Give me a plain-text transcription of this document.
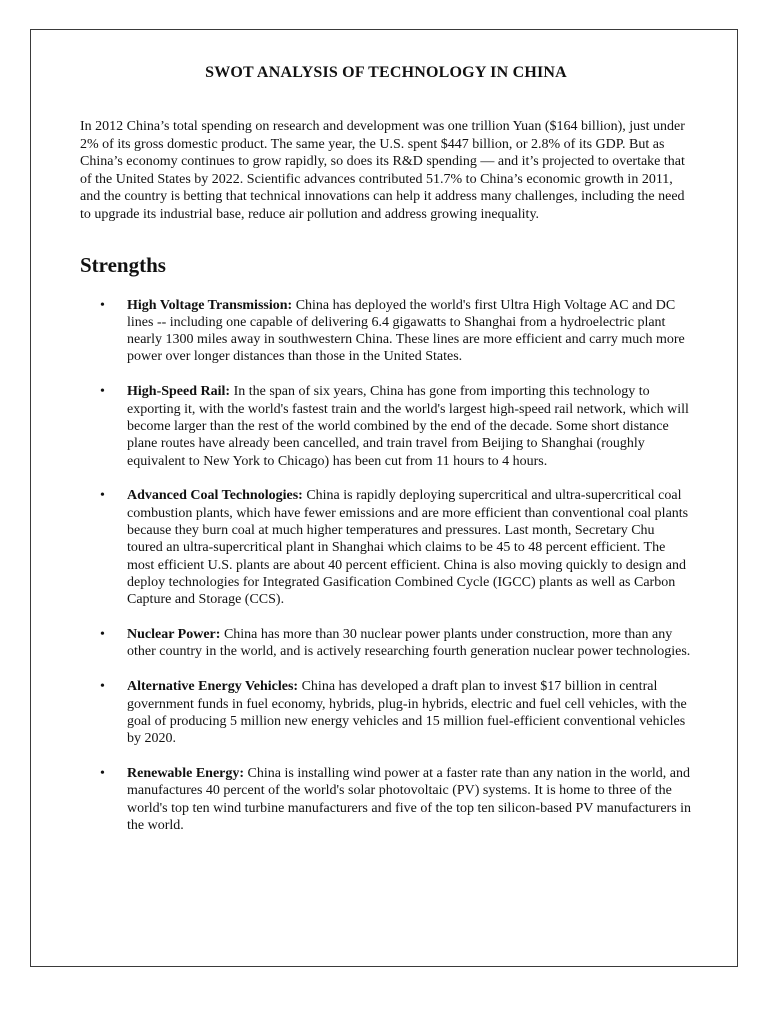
SWOT ANALYSIS OF TECHNOLOGY IN CHINA

In 2012 China’s total spending on research and development was one trillion Yuan ($164 billion), just under 2% of its gross domestic product. The same year, the U.S. spent $447 billion, or 2.8% of its GDP. But as China’s economy continues to grow rapidly, so does its R&D spending — and it’s projected to overtake that of the United States by 2022. Scientific advances contributed 51.7% to China’s economic growth in 2011, and the country is betting that technical innovations can help it address many challenges, including the need to upgrade its industrial base, reduce air pollution and address growing inequality.

Strengths
• High Voltage Transmission: China has deployed the world's first Ultra High Voltage AC and DC lines -- including one capable of delivering 6.4 gigawatts to Shanghai from a hydroelectric plant nearly 1300 miles away in southwestern China. These lines are more efficient and carry much more power over longer distances than those in the United States.
• High-Speed Rail: In the span of six years, China has gone from importing this technology to exporting it, with the world's fastest train and the world's largest high-speed rail network, which will become larger than the rest of the world combined by the end of the decade. Some short distance plane routes have already been cancelled, and train travel from Beijing to Shanghai (roughly equivalent to New York to Chicago) has been cut from 11 hours to 4 hours.
• Advanced Coal Technologies: China is rapidly deploying supercritical and ultra-supercritical coal combustion plants, which have fewer emissions and are more efficient than conventional coal plants because they burn coal at much higher temperatures and pressures. Last month, Secretary Chu toured an ultra-supercritical plant in Shanghai which claims to be 45 to 48 percent efficient. The most efficient U.S. plants are about 40 percent efficient. China is also moving quickly to design and deploy technologies for Integrated Gasification Combined Cycle (IGCC) plants as well as Carbon Capture and Storage (CCS).
• Nuclear Power: China has more than 30 nuclear power plants under construction, more than any other country in the world, and is actively researching fourth generation nuclear power technologies.
• Alternative Energy Vehicles: China has developed a draft plan to invest $17 billion in central government funds in fuel economy, hybrids, plug-in hybrids, electric and fuel cell vehicles, with the goal of producing 5 million new energy vehicles and 15 million fuel-efficient conventional vehicles by 2020.
• Renewable Energy: China is installing wind power at a faster rate than any nation in the world, and manufactures 40 percent of the world's solar photovoltaic (PV) systems. It is home to three of the world's top ten wind turbine manufacturers and five of the top ten silicon-based PV manufacturers in the world.
